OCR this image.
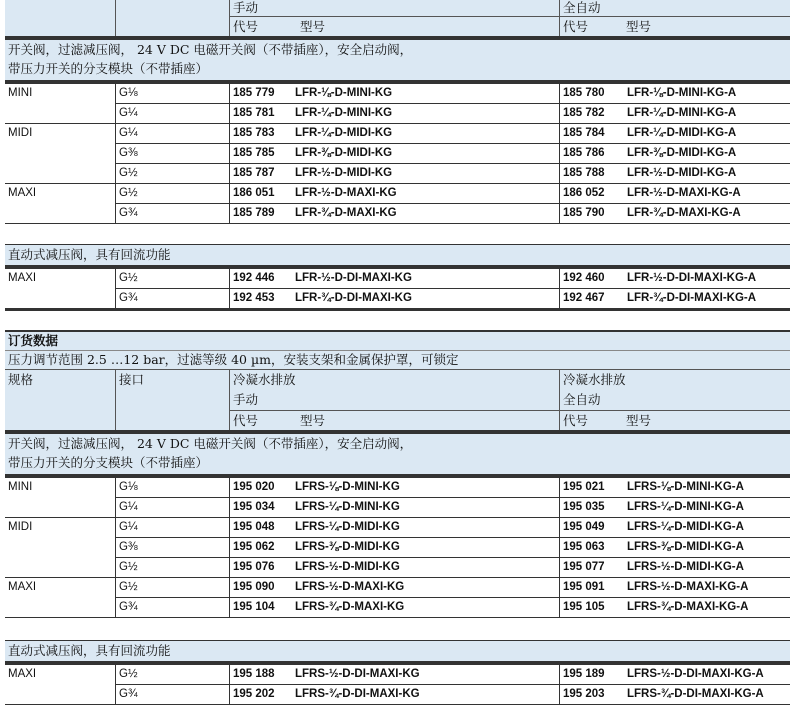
手动	全自动
代号	型号	代号	型号
开关阀，过滤减压阀， 24 V DC 电磁开关阀（不带插座），安全启动阀，
带压力开关的分支模块（不带插座）
MINI	G⅛	185 779 LFR-⅛-D-MINI-KG	185 780 LFR-⅛-D-MINI-KG-A
G¼	185 781 LFR-¼-D-MINI-KG	185 782 LFR-¼-D-MINI-KG-A
MIDI	G¼	185 783 LFR-¼-D-MIDI-KG	185 784 LFR-¼-D-MIDI-KG-A
G⅜	185 785 LFR-⅜-D-MIDI-KG	185 786 LFR-⅜-D-MIDI-KG-A
G½	185 787 LFR-½-D-MIDI-KG	185 788 LFR-½-D-MIDI-KG-A
MAXI	G½	186 051 LFR-½-D-MAXI-KG	186 052 LFR-½-D-MAXI-KG-A
G¾	185 789 LFR-¾-D-MAXI-KG	185 790 LFR-¾-D-MAXI-KG-A
直动式减压阀，具有回流功能
MAXI	G½	192 446 LFR-½-D-DI-MAXI-KG	192 460 LFR-½-D-DI-MAXI-KG-A
G¾	192 453 LFR-¾-D-DI-MAXI-KG	192 467 LFR-¾-D-DI-MAXI-KG-A
订货数据
压力调节范围 2.5 …12 bar，过滤等级 40 µm，安装支架和金属保护罩，可锁定
规格	接口	冷凝水排放
手动
代号	型号
冷凝水排放
全自动
代号	型号
开关阀，过滤减压阀， 24 V DC 电磁开关阀（不带插座），安全启动阀，
带压力开关的分支模块（不带插座）
MINI	G⅛	195 020 LFRS-⅛-D-MINI-KG	195 021 LFRS-⅛-D-MINI-KG-A
G¼	195 034 LFRS-¼-D-MINI-KG	195 035 LFRS-¼-D-MINI-KG-A
MIDI	G¼	195 048 LFRS-¼-D-MIDI-KG	195 049 LFRS-¼-D-MIDI-KG-A
G⅜	195 062 LFRS-⅜-D-MIDI-KG	195 063 LFRS-⅜-D-MIDI-KG-A
G½	195 076 LFRS-½-D-MIDI-KG	195 077 LFRS-½-D-MIDI-KG-A
MAXI	G½	195 090 LFRS-½-D-MAXI-KG	195 091 LFRS-½-D-MAXI-KG-A
G¾	195 104 LFRS-¾-D-MAXI-KG	195 105 LFRS-¾-D-MAXI-KG-A
直动式减压阀，具有回流功能
MAXI	G½	195 188 LFRS-½-D-DI-MAXI-KG	195 189 LFRS-½-D-DI-MAXI-KG-A
G¾	195 202 LFRS-¾-D-DI-MAXI-KG	195 203 LFRS-¾-D-DI-MAXI-KG-A
